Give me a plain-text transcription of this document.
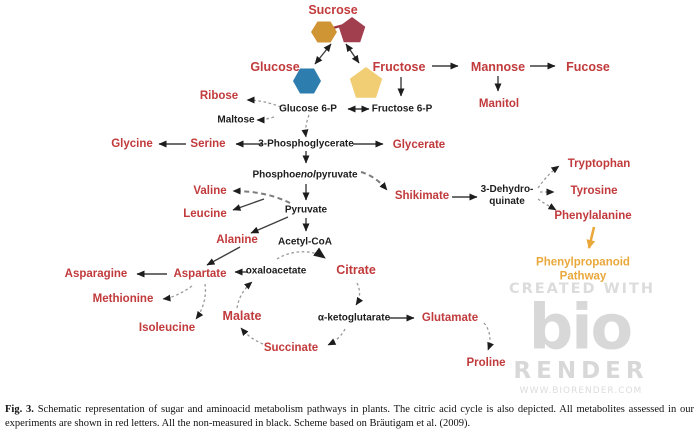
CREATED WITH
bio
RENDER
WWW.BIORENDER.COM
Sucrose
Glucose	Fructose	Mannose	Fucose
Manitol
Ribose
Glucose 6-P	Fructose 6-P
Maltose
Glycine	Serine	3-Phosphoglycerate	Glycerate
Phosphoenolpyruvate
Valine
Leucine	Pyruvate
Shikimate
3-Dehydro-
quinate
Tryptophan
Tyrosine
Phenylalanine
Alanine Acetyl-CoA
Asparagine	Aspartate oxaloacetate Citrate
Methionine
Isoleucine
Malate	α-ketoglutarate	Glutamate
Succinate
Proline
Phenylpropanoid
Pathway
Fig. 3. Schematic representation of sugar and aminoacid metabolism pathways in plants. The citric acid cycle is also depicted. All metabolites assessed in our experiments are shown in red letters. All the non-measured in black. Scheme based on Bräutigam et al. (2009).
